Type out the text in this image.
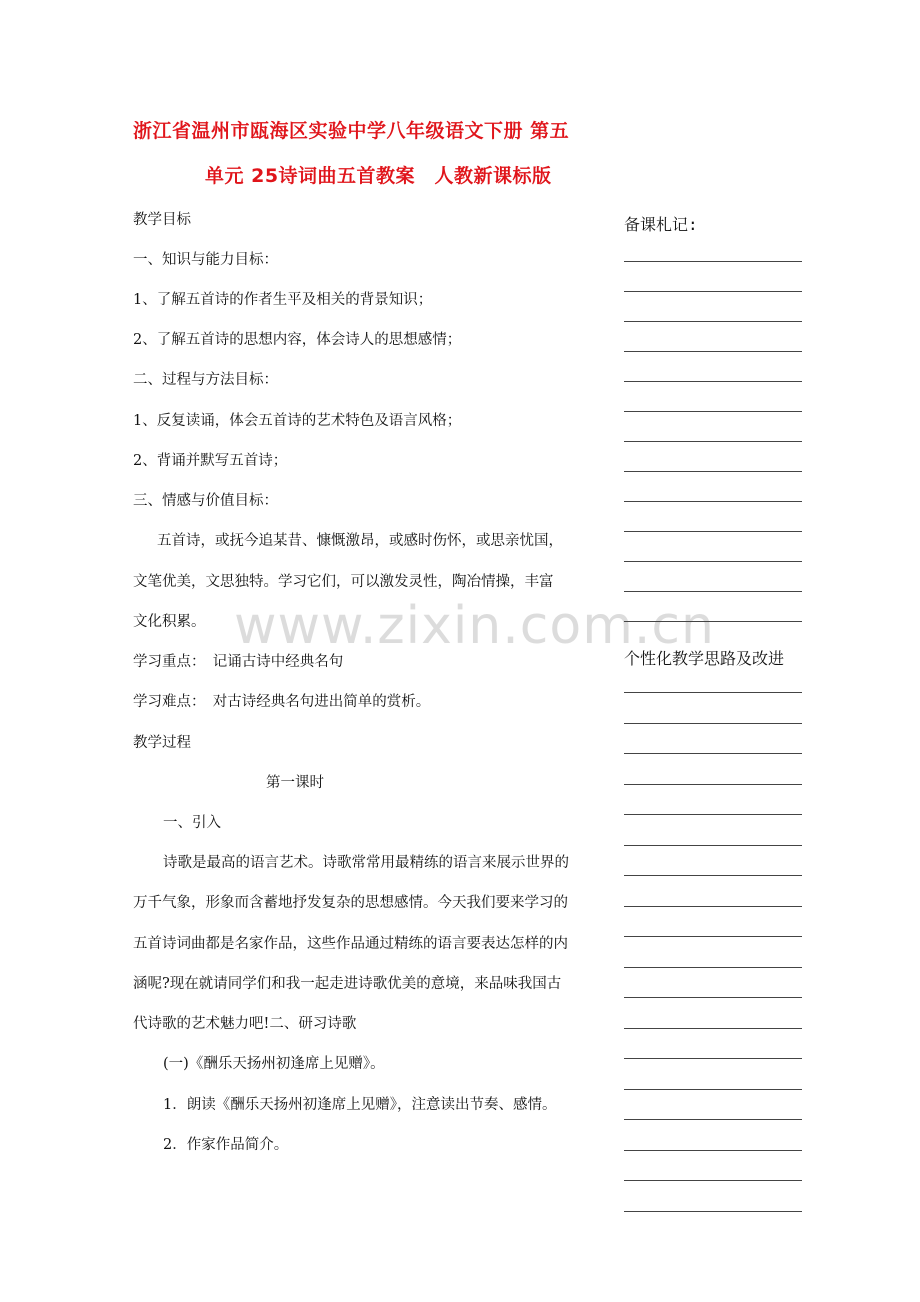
浙江省温州市瓯海区实验中学八年级语文下册 第五
单元 25诗词曲五首教案　人教新课标版
教学目标
一、知识与能力目标：
1、了解五首诗的作者生平及相关的背景知识；
2、了解五首诗的思想内容，体会诗人的思想感情；
二、过程与方法目标：
1、反复读诵，体会五首诗的艺术特色及语言风格；
2、背诵并默写五首诗；
三、情感与价值目标：
五首诗，或抚今追某昔、慷慨激昂，或感时伤怀，或思亲忧国，
文笔优美，文思独特。学习它们，可以激发灵性，陶冶情操，丰富
文化积累。
学习重点：　记诵古诗中经典名句
学习难点：　对古诗经典名句进出简单的赏析。
教学过程
第一课时
一、引入
诗歌是最高的语言艺术。诗歌常常用最精练的语言来展示世界的
万千气象，形象而含蓄地抒发复杂的思想感情。今天我们要来学习的
五首诗词曲都是名家作品，这些作品通过精练的语言要表达怎样的内
涵呢?现在就请同学们和我一起走进诗歌优美的意境，来品味我国古
代诗歌的艺术魅力吧!二、研习诗歌
(一)《酬乐天扬州初逢席上见赠》。
1．朗读《酬乐天扬州初逢席上见赠》，注意读出节奏、感情。
2．作家作品简介。
备课札记:
个性化教学思路及改进
www.zixin.com.cn
